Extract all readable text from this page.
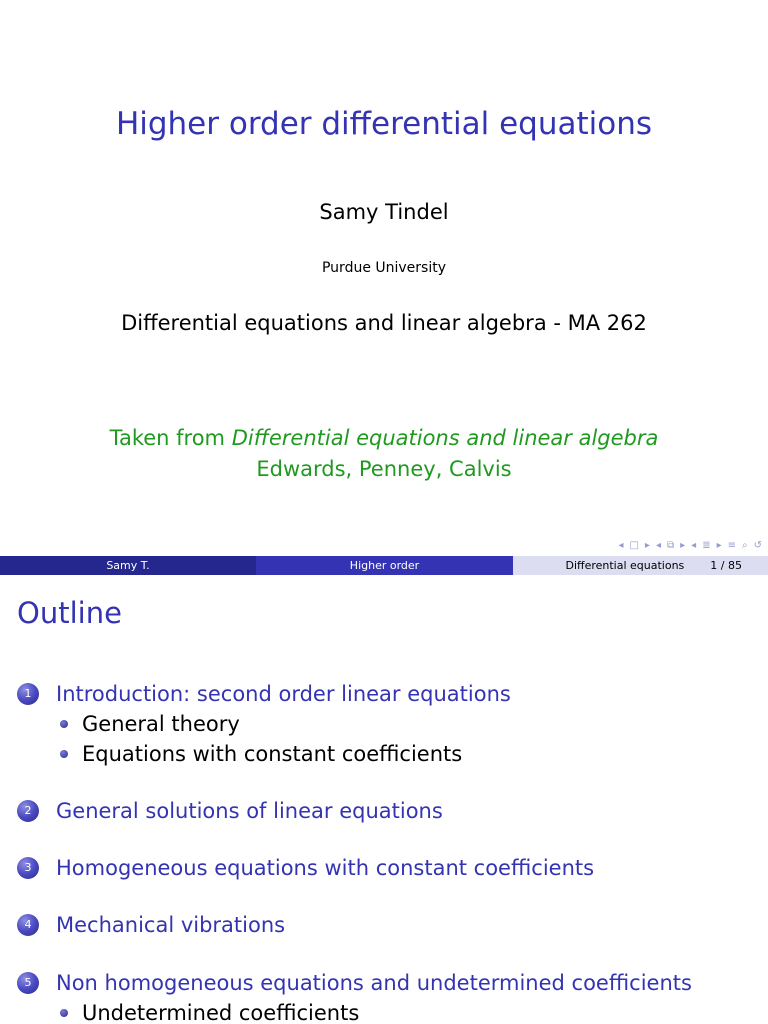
Higher order differential equations
Samy Tindel
Purdue University
Differential equations and linear algebra - MA 262
Taken from Differential equations and linear algebra
Edwards, Penney, Calvis
◂ □ ▸ ◂ ⧉ ▸ ◂ ≣ ▸ ≡ ⌕ ↺
Samy T.	Higher order	Differential equations 1 / 85
Outline
1	Introduction: second order linear equations
General theory
Equations with constant coefficients
2	General solutions of linear equations
3	Homogeneous equations with constant coefficients
4	Mechanical vibrations
5	Non homogeneous equations and undetermined coefficients
Undetermined coefficients
